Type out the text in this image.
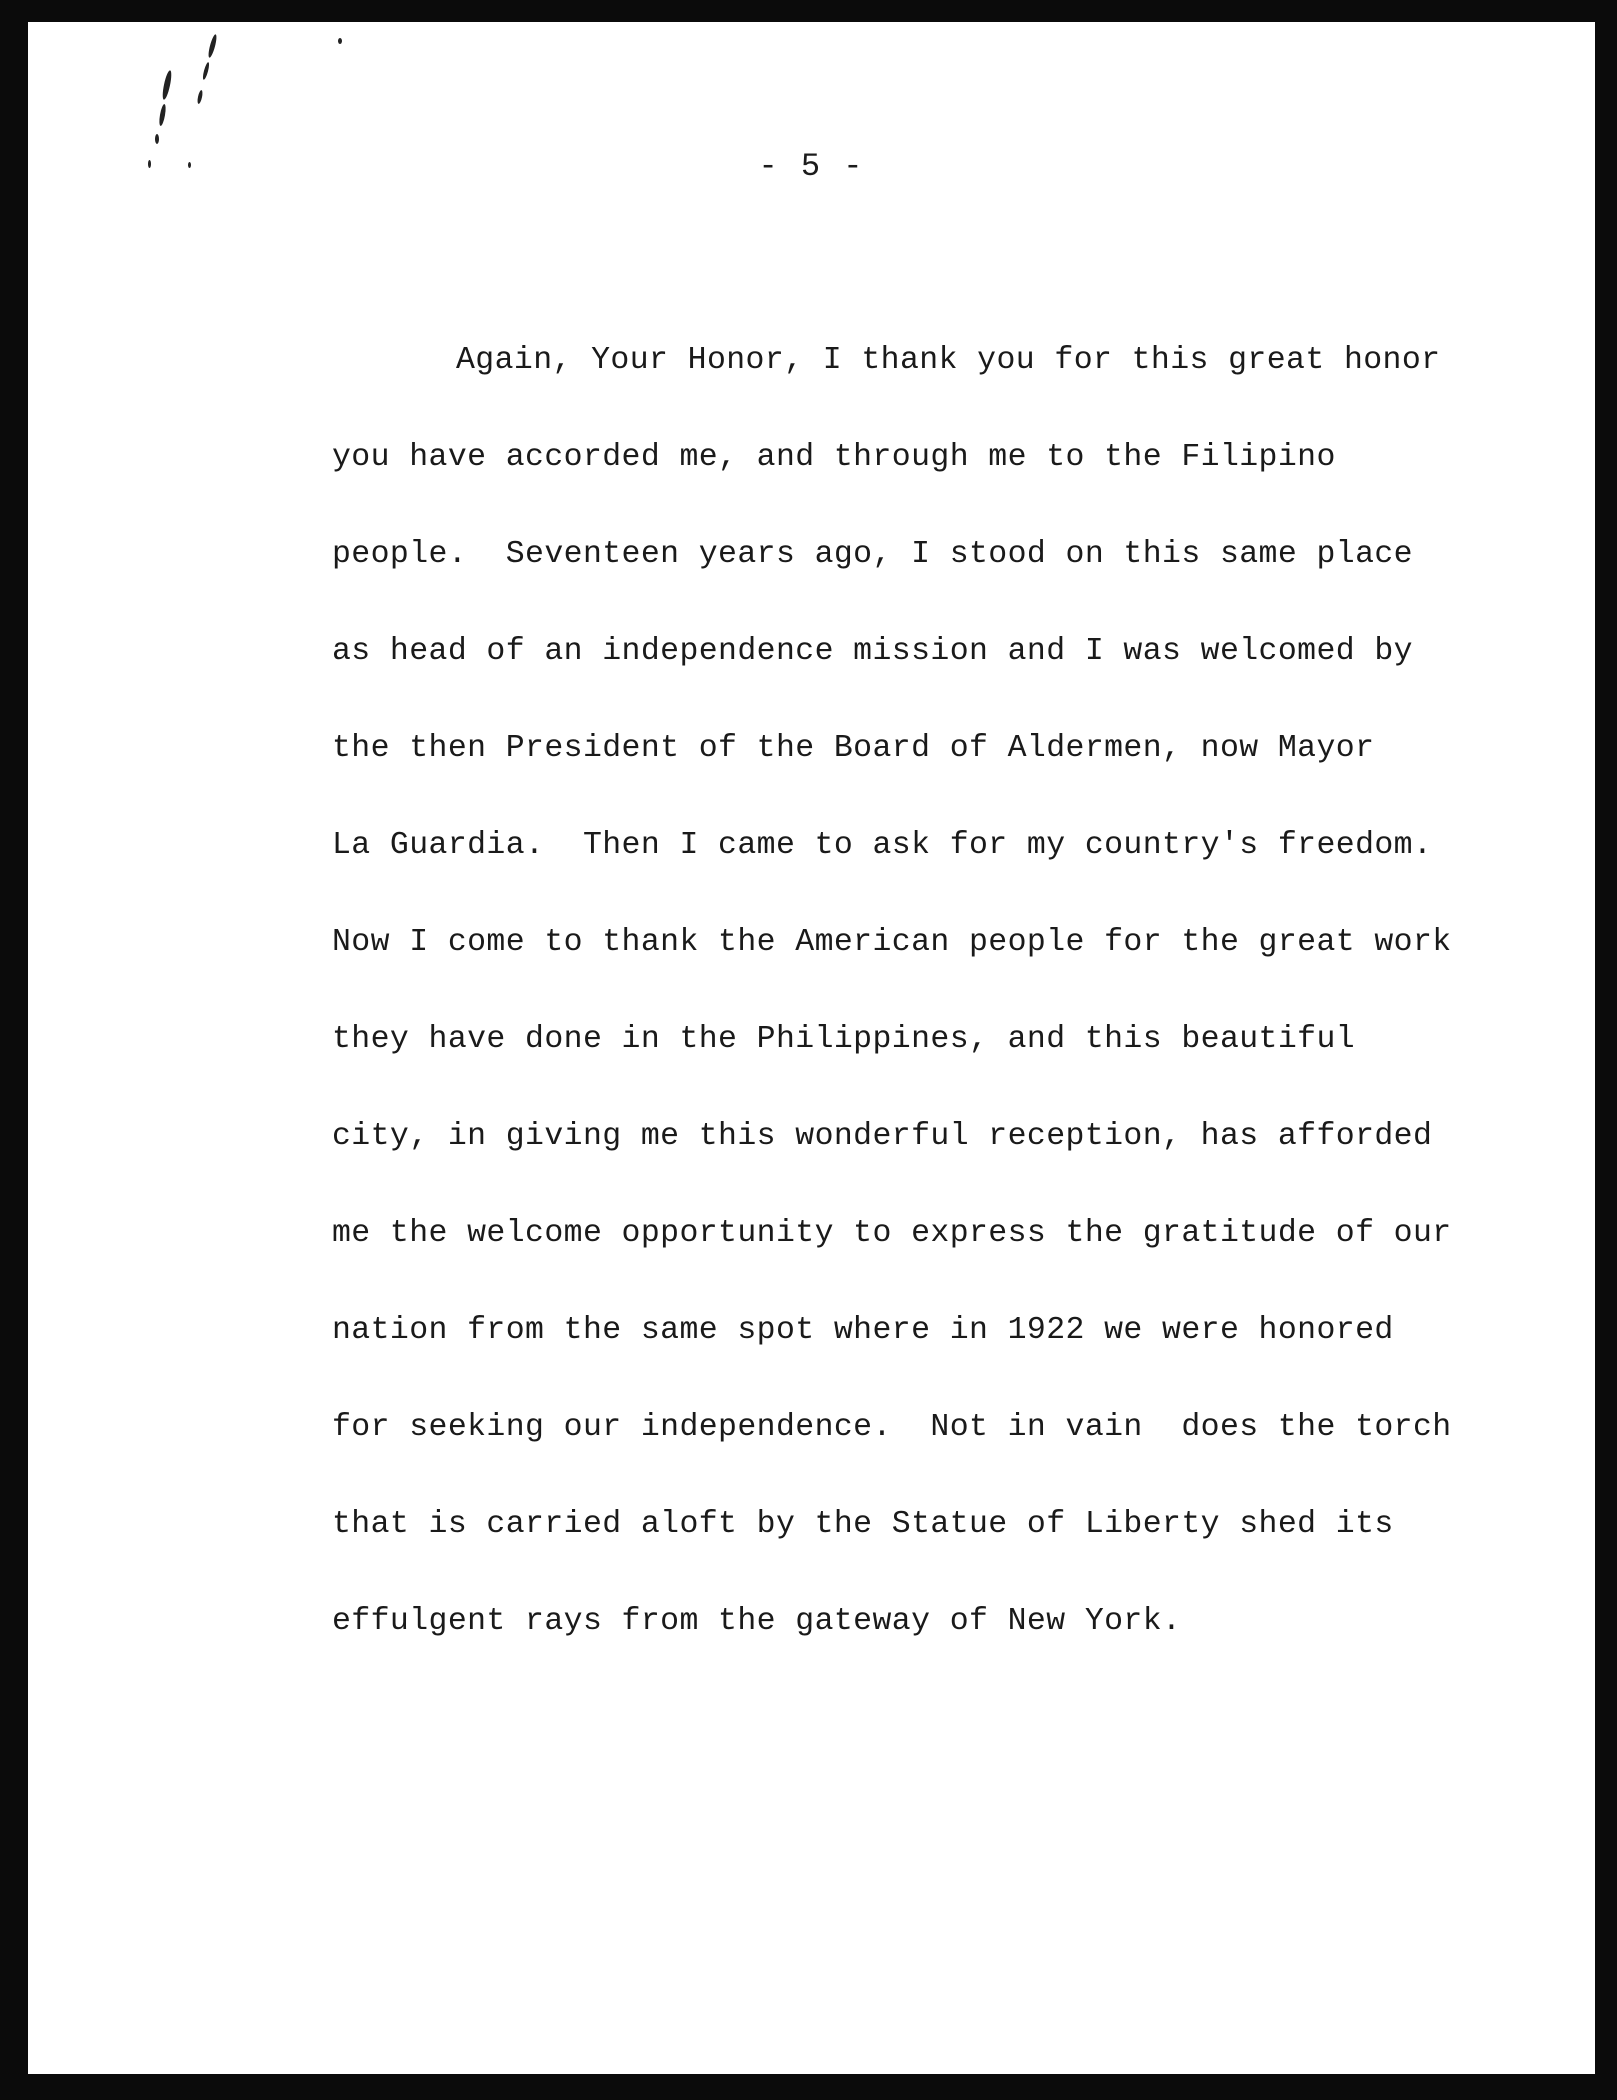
- 5 -
Again, Your Honor, I thank you for this great honor
you have accorded me, and through me to the Filipino
people.  Seventeen years ago, I stood on this same place
as head of an independence mission and I was welcomed by
the then President of the Board of Aldermen, now Mayor
La Guardia.  Then I came to ask for my country's freedom.
Now I come to thank the American people for the great work
they have done in the Philippines, and this beautiful
city, in giving me this wonderful reception, has afforded
me the welcome opportunity to express the gratitude of our
nation from the same spot where in 1922 we were honored
for seeking our independence.  Not in vain  does the torch
that is carried aloft by the Statue of Liberty shed its
effulgent rays from the gateway of New York.
